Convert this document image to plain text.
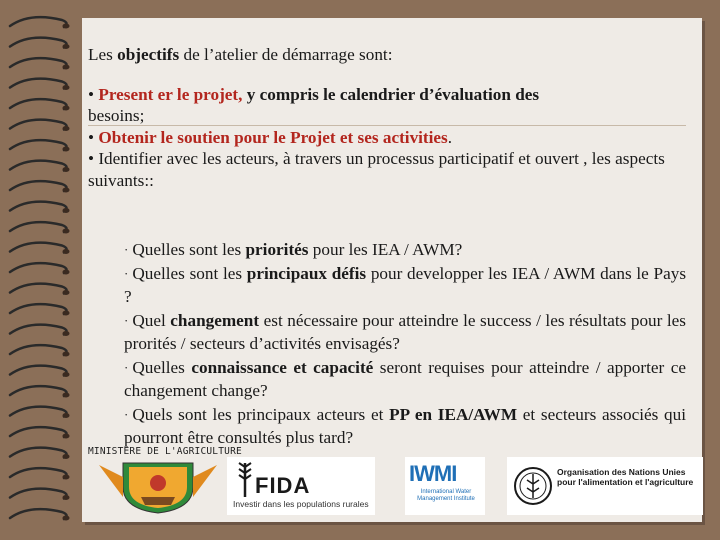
Les objectifs de l’atelier de démarrage sont:

• Present er le projet, y compris le calendrier d’évaluation des
besoins;

• Obtenir le soutien pour le Projet et ses activities.

• Identifier avec les acteurs, à travers un processus participatif et ouvert , les aspects suivants::

· Quelles sont les priorités pour les IEA / AWM?

· Quelles sont les principaux défis pour developper les IEA / AWM dans le Pays ?

· Quel changement est nécessaire pour atteindre le success / les résultats pour les prorités / secteurs d’activités envisagés?

· Quelles connaissance et capacité seront requises pour atteindre / apporter ce changement change?

· Quels sont les principaux acteurs et PP en IEA/AWM et secteurs associés qui pourront être consultés plus tard?

MINISTERE DE L'AGRICULTURE
FIDA
Investir dans les populations rurales
IWMI
International Water Management Institute
Organisation des Nations Unies pour l'alimentation et l'agriculture
